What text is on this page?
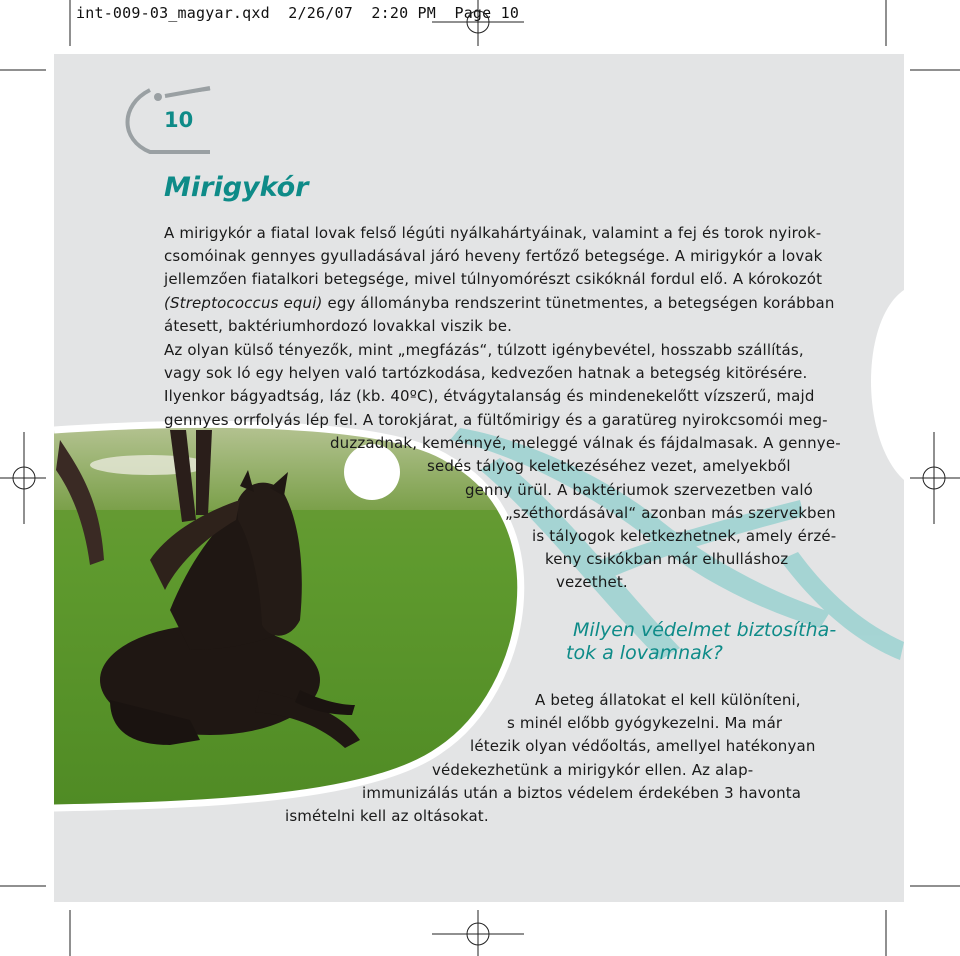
int-009-03_magyar.qxd  2/26/07  2:20 PM  Page 10
10
Mirigykór
A mirigykór a fiatal lovak felső légúti nyálkahártyáinak, valamint a fej és torok nyirok-
csomóinak gennyes gyulladásával járó heveny fertőző betegsége. A mirigykór a lovak
jellemzően fiatalkori betegsége, mivel túlnyomórészt csikóknál fordul elő. A kórokozót
(Streptococcus equi) egy állományba rendszerint tünetmentes, a betegségen korábban
átesett, baktériumhordozó lovakkal viszik be.
Az olyan külső tényezők, mint „megfázás“, túlzott igénybevétel, hosszabb szállítás,
vagy sok ló egy helyen való tartózkodása, kedvezően hatnak a betegség kitörésére.
Ilyenkor bágyadtság, láz (kb. 40ºC), étvágytalanság és mindenekelőtt vízszerű, majd
gennyes orrfolyás lép fel. A torokjárat, a fültőmirigy és a garatüreg nyirokcsomói meg-
duzzadnak, keménnyé, meleggé válnak és fájdalmasak. A gennye-
sedés tályog keletkezéséhez vezet, amelyekből
genny ürül. A baktériumok szervezetben való
„széthordásával“ azonban más szervekben
is tályogok keletkezhetnek, amely érzé-
keny csikókban már elhulláshoz
vezethet.
Milyen védelmet biztosítha-
tok a lovamnak?
A beteg állatokat el kell különíteni,
s minél előbb gyógykezelni. Ma már
létezik olyan védőoltás, amellyel hatékonyan
védekezhetünk a mirigykór ellen. Az alap-
immunizálás után a biztos védelem érdekében 3 havonta
ismételni kell az oltásokat.
